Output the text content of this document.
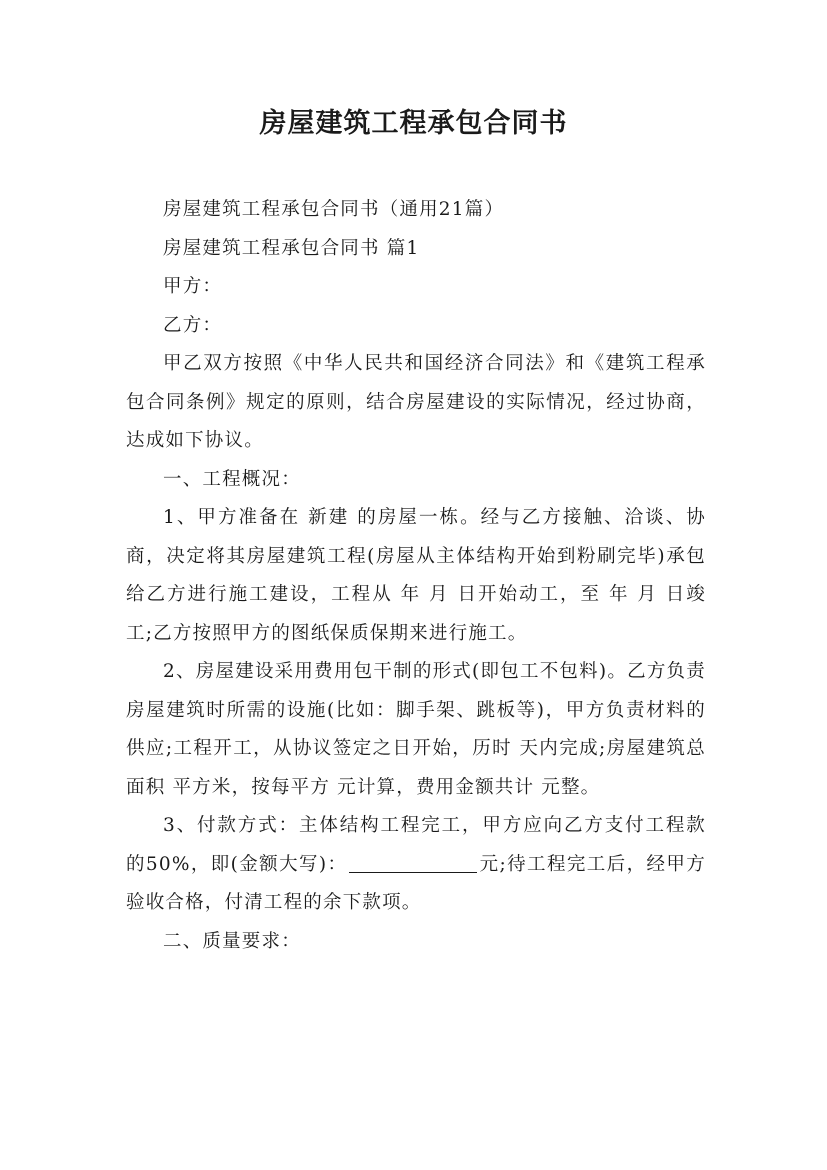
房屋建筑工程承包合同书

房屋建筑工程承包合同书（通用21篇）

房屋建筑工程承包合同书 篇1

甲方：

乙方：

甲乙双方按照《中华人民共和国经济合同法》和《建筑工程承包合同条例》规定的原则，结合房屋建设的实际情况，经过协商，达成如下协议。

一、工程概况：

1、甲方准备在 新建 的房屋一栋。经与乙方接触、洽谈、协商，决定将其房屋建筑工程(房屋从主体结构开始到粉刷完毕)承包给乙方进行施工建设，工程从 年 月 日开始动工，至 年 月 日竣工;乙方按照甲方的图纸保质保期来进行施工。

2、房屋建设采用费用包干制的形式(即包工不包料)。乙方负责房屋建筑时所需的设施(比如：脚手架、跳板等)，甲方负责材料的供应;工程开工，从协议签定之日开始，历时 天内完成;房屋建筑总面积 平方米，按每平方 元计算，费用金额共计 元整。

3、付款方式：主体结构工程完工，甲方应向乙方支付工程款的50%，即(金额大写)：	元;待工程完工后，经甲方验收合格，付清工程的余下款项。

二、质量要求：
